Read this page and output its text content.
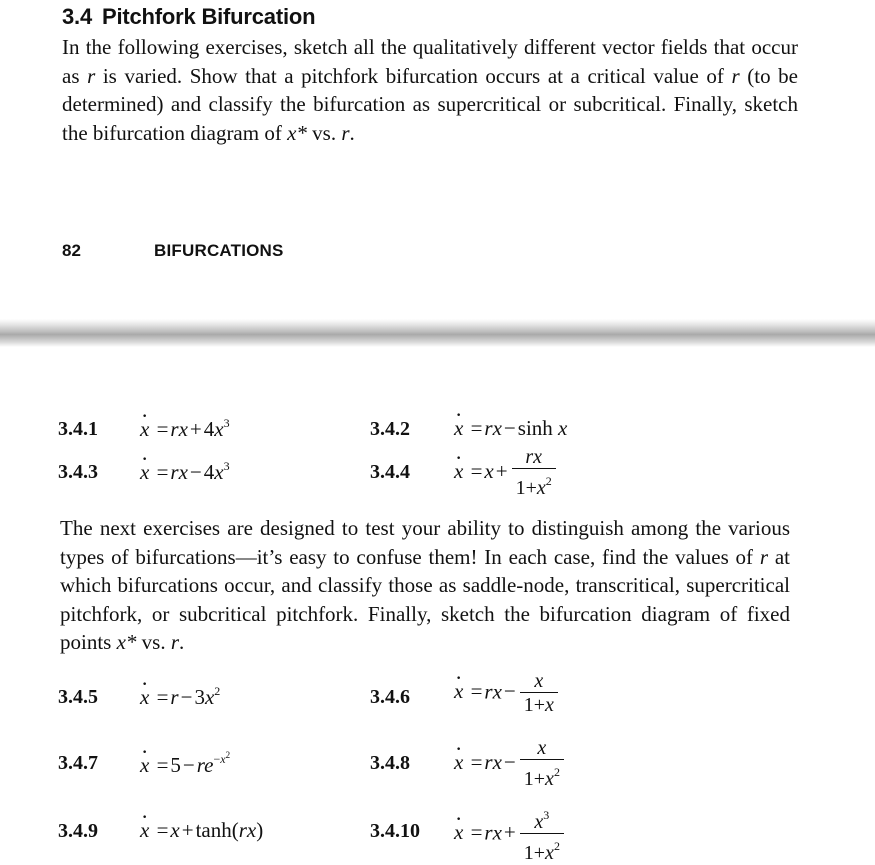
3.4 Pitchfork Bifurcation
In the following exercises, sketch all the qualitatively different vector fields that occur as r is varied. Show that a pitchfork bifurcation occurs at a critical value of r (to be determined) and classify the bifurcation as supercritical or subcritical. Finally, sketch the bifurcation diagram of x* vs. r.
82	BIFURCATIONS
3.4.1
· $x =rx+4x^3$	3.4.2
· x =rx−sinh x
3.4.3
· $x =rx-4x^3$	3.4.4
· $x =x+ \frac{rx}{1+x^2}$
The next exercises are designed to test your ability to distinguish among the various types of bifurcations—it’s easy to confuse them! In each case, find the values of r at which bifurcations occur, and classify those as saddle-node, transcritical, supercritical pitchfork, or subcritical pitchfork. Finally, sketch the bifurcation diagram of fixed points x* vs. r.
3.4.5
· $x =r-3x^2$	3.4.6
· $x =rx- \frac{x}{1+x}$
3.4.7
· $x =5-re^{-x^2}$	3.4.8
· $x =rx- \frac{x}{1+x^2}$
3.4.9
· x =x+tanh(rx)	3.4.10
· $x =rx+ \frac{x^3}{1+x^2}$
